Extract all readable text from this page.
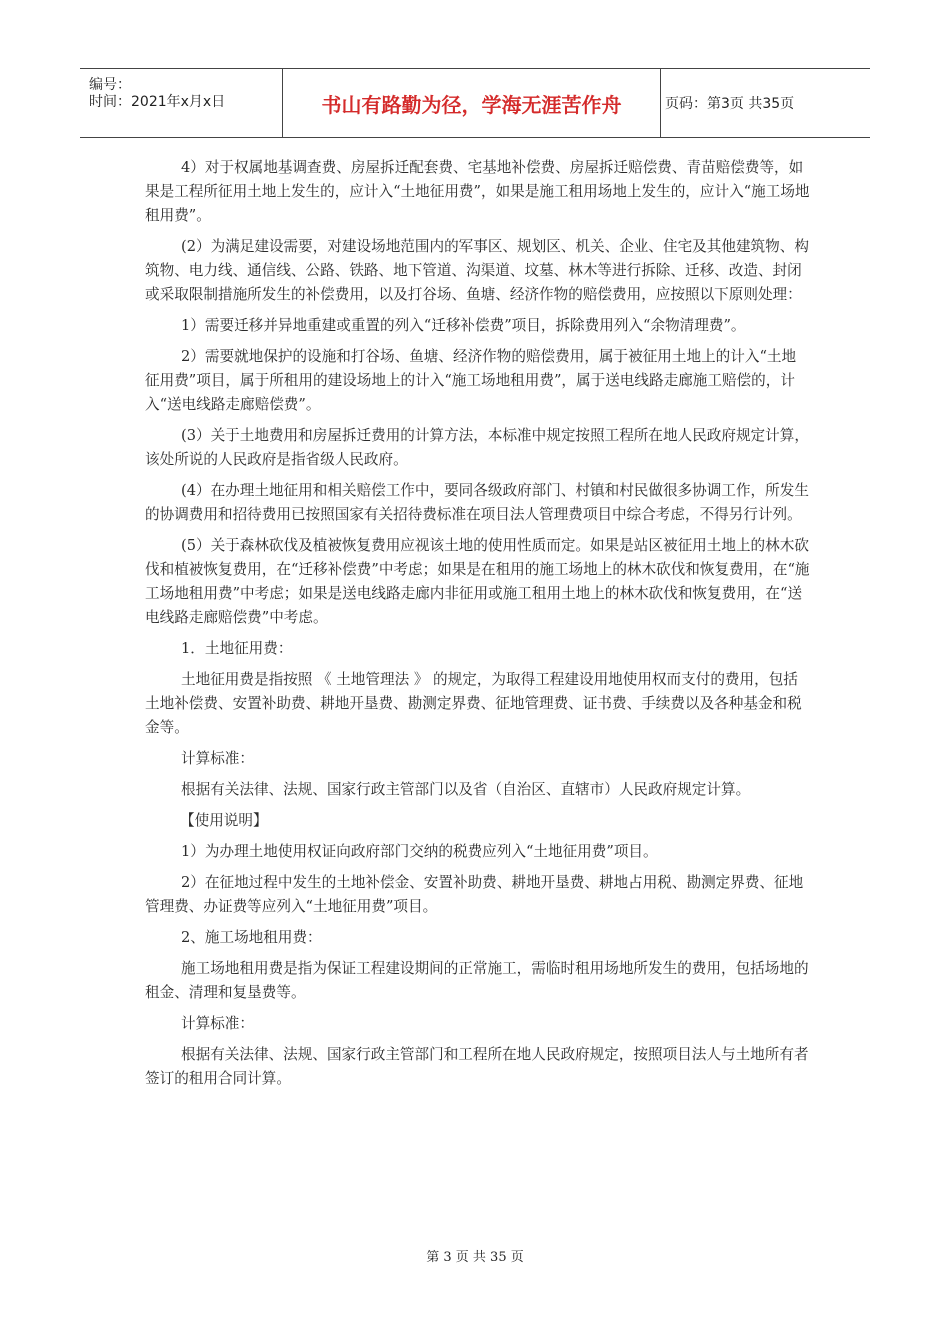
编号：
时间：2021年x月x日	书山有路勤为径，学海无涯苦作舟	页码：第3页 共35页

4）对于权属地基调查费、房屋拆迁配套费、宅基地补偿费、房屋拆迁赔偿费、青苗赔偿费等，如果是工程所征用土地上发生的，应计入“土地征用费”，如果是施工租用场地上发生的，应计入“施工场地租用费”。

(2）为满足建设需要，对建设场地范围内的军事区、规划区、机关、企业、住宅及其他建筑物、构筑物、电力线、通信线、公路、铁路、地下管道、沟渠道、坟墓、林木等进行拆除、迁移、改造、封闭或采取限制措施所发生的补偿费用，以及打谷场、鱼塘、经济作物的赔偿费用，应按照以下原则处理：

1）需要迁移并异地重建或重置的列入“迁移补偿费”项目，拆除费用列入“余物清理费”。

2）需要就地保护的设施和打谷场、鱼塘、经济作物的赔偿费用，属于被征用土地上的计入“土地征用费”项目，属于所租用的建设场地上的计入“施工场地租用费”，属于送电线路走廊施工赔偿的，计入“送电线路走廊赔偿费”。

(3）关于土地费用和房屋拆迁费用的计算方法，本标准中规定按照工程所在地人民政府规定计算，该处所说的人民政府是指省级人民政府。

(4）在办理土地征用和相关赔偿工作中，要同各级政府部门、村镇和村民做很多协调工作，所发生的协调费用和招待费用已按照国家有关招待费标准在项目法人管理费项目中综合考虑，不得另行计列。

(5）关于森林砍伐及植被恢复费用应视该土地的使用性质而定。如果是站区被征用土地上的林木砍伐和植被恢复费用，在“迁移补偿费”中考虑；如果是在租用的施工场地上的林木砍伐和恢复费用，在“施工场地租用费”中考虑；如果是送电线路走廊内非征用或施工租用土地上的林木砍伐和恢复费用，在“送电线路走廊赔偿费”中考虑。

1．土地征用费：

土地征用费是指按照 《 土地管理法 》 的规定，为取得工程建设用地使用权而支付的费用，包括土地补偿费、安置补助费、耕地开垦费、勘测定界费、征地管理费、证书费、手续费以及各种基金和税金等。

计算标准：

根据有关法律、法规、国家行政主管部门以及省（自治区、直辖市）人民政府规定计算。

【使用说明】

1）为办理土地使用权证向政府部门交纳的税费应列入“土地征用费”项目。

2）在征地过程中发生的土地补偿金、安置补助费、耕地开垦费、耕地占用税、勘测定界费、征地管理费、办证费等应列入“土地征用费”项目。

2、施工场地租用费：

施工场地租用费是指为保证工程建设期间的正常施工，需临时租用场地所发生的费用，包括场地的租金、清理和复垦费等。

计算标准：

根据有关法律、法规、国家行政主管部门和工程所在地人民政府规定，按照项目法人与土地所有者签订的租用合同计算。

第 3 页 共 35 页
